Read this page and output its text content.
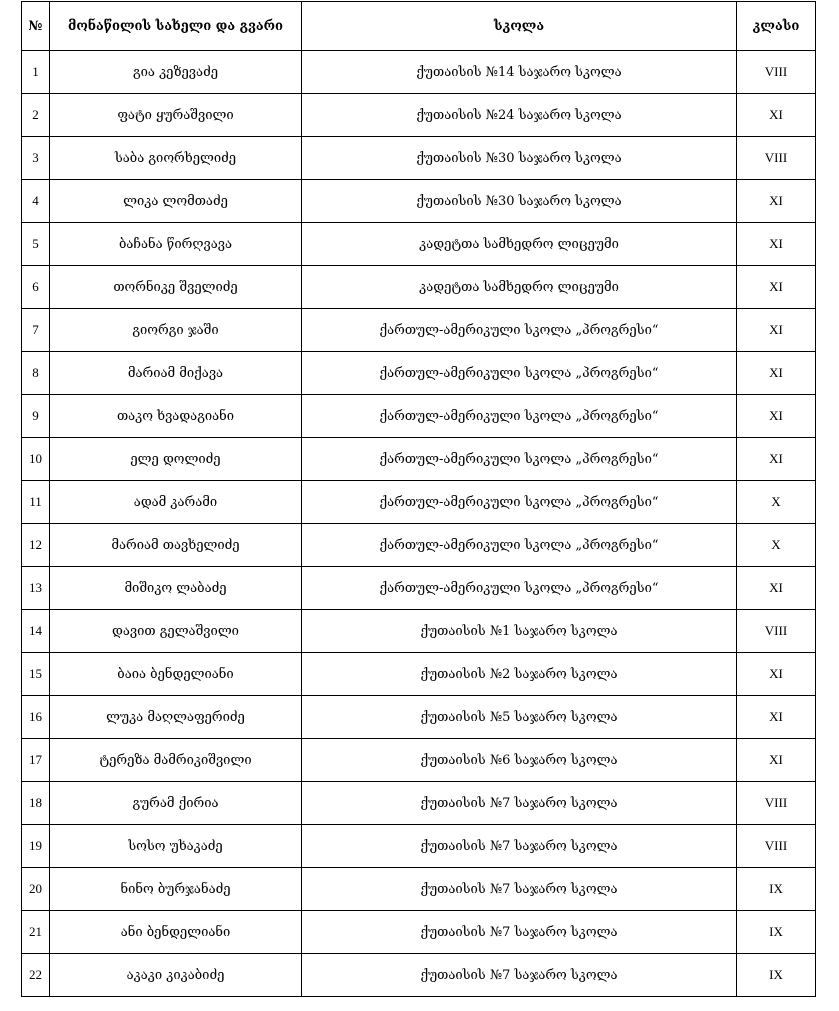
№	მონაწილის სახელი და გვარი	სკოლა	კლასი
1	გია კეზევაძე	ქუთაისის №14 საჯარო სკოლა	VIII
2	ფატი ყურაშვილი	ქუთაისის №24 საჯარო სკოლა	XI
3	საბა გიორხელიძე	ქუთაისის №30 საჯარო სკოლა	VIII
4	ლიკა ლომთაძე	ქუთაისის №30 საჯარო სკოლა	XI
5	ბაჩანა წირღვავა	კადეტთა სამხედრო ლიცეუმი	XI
6	თორნიკე შველიძე	კადეტთა სამხედრო ლიცეუმი	XI
7	გიორგი ჯაში	ქართულ-ამერიკული სკოლა „პროგრესი“	XI
8	მარიამ მიქავა	ქართულ-ამერიკული სკოლა „პროგრესი“	XI
9	თაკო ხვადაგიანი	ქართულ-ამერიკული სკოლა „პროგრესი“	XI
10	ელე დოლიძე	ქართულ-ამერიკული სკოლა „პროგრესი“	XI
11	ადამ კარამი	ქართულ-ამერიკული სკოლა „პროგრესი“	X
12	მარიამ თავხელიძე	ქართულ-ამერიკული სკოლა „პროგრესი“	X
13	მიშიკო ლაბაძე	ქართულ-ამერიკული სკოლა „პროგრესი“	XI
14	დავით გელაშვილი	ქუთაისის №1 საჯარო სკოლა	VIII
15	ბაია ბენდელიანი	ქუთაისის №2 საჯარო სკოლა	XI
16	ლუკა მაღლაფერიძე	ქუთაისის №5 საჯარო სკოლა	XI
17	ტერეზა მამრიკიშვილი	ქუთაისის №6 საჯარო სკოლა	XI
18	გურამ ქირია	ქუთაისის №7 საჯარო სკოლა	VIII
19	სოსო უხაკაძე	ქუთაისის №7 საჯარო სკოლა	VIII
20	ნინო ბურჯანაძე	ქუთაისის №7 საჯარო სკოლა	IX
21	ანი ბენდელიანი	ქუთაისის №7 საჯარო სკოლა	IX
22	აკაკი კიკაბიძე	ქუთაისის №7 საჯარო სკოლა	IX
